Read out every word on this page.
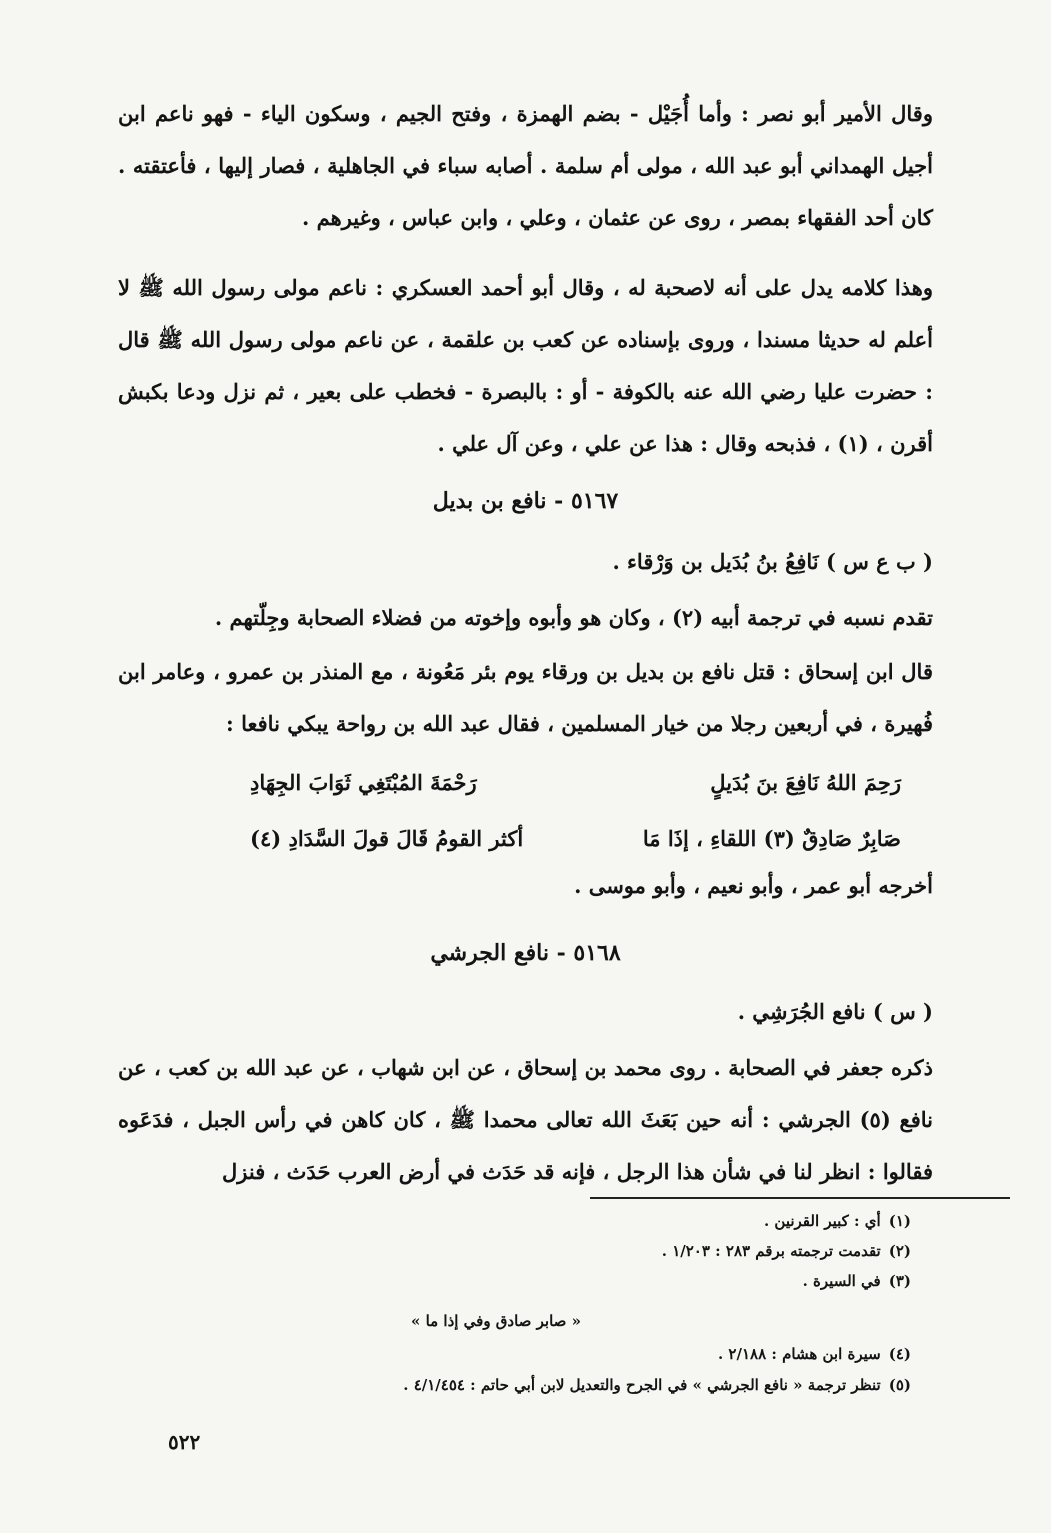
وقال الأمير أبو نصر : وأما أُجَيْل - بضم الهمزة ، وفتح الجيم ، وسكون الياء - فهو ناعم ابن أجيل الهمداني أبو عبد الله ، مولى أم سلمة . أصابه سباء في الجاهلية ، فصار إليها ، فأعتقته . كان أحد الفقهاء بمصر ، روى عن عثمان ، وعلي ، وابن عباس ، وغيرهم .

وهذا كلامه يدل على أنه لاصحبة له ، وقال أبو أحمد العسكري : ناعم مولى رسول الله ﷺ لا أعلم له حديثا مسندا ، وروى بإسناده عن كعب بن علقمة ، عن ناعم مولى رسول الله ﷺ قال : حضرت عليا رضي الله عنه بالكوفة - أو : بالبصرة - فخطب على بعير ، ثم نزل ودعا بكبش أقرن ، (١) ، فذبحه وقال : هذا عن علي ، وعن آل علي .

٥١٦٧ - نافع بن بديل

( ب ع س ) نَافِعُ بنُ بُدَيل بن وَرْقاء .

تقدم نسبه في ترجمة أبيه (٢) ، وكان هو وأبوه وإخوته من فضلاء الصحابة وجِلّتهم .

قال ابن إسحاق : قتل نافع بن بديل بن ورقاء يوم بئر مَعُونة ، مع المنذر بن عمرو ، وعامر ابن فُهيرة ، في أربعين رجلا من خيار المسلمين ، فقال عبد الله بن رواحة يبكي نافعا :

رَحِمَ اللهُ نَافِعَ بنَ بُدَيلٍ
رَحْمَةَ المُبْتَغِي ثَوَابَ الجِهَادِ
صَابِرٌ صَادِقٌ (٣) اللقاءِ ، إذَا مَا
أكثر القومُ قَالَ قولَ السَّدَادِ (٤)

أخرجه أبو عمر ، وأبو نعيم ، وأبو موسى .

٥١٦٨ - نافع الجرشي

( س ) نافع الجُرَشِي .

ذكره جعفر في الصحابة . روى محمد بن إسحاق ، عن ابن شهاب ، عن عبد الله بن كعب ، عن نافع (٥) الجرشي : أنه حين بَعَثَ الله تعالى محمدا ﷺ ، كان كاهن في رأس الجبل ، فدَعَوه فقالوا : انظر لنا في شأن هذا الرجل ، فإنه قد حَدَث في أرض العرب حَدَث ، فنزل

(١)أي : كبير القرنين .
(٢)تقدمت ترجمته برقم ٢٨٣ : ١/٢٠٣ .
(٣)في السيرة .
« صابر صادق وفي إذا ما »
(٤)سيرة ابن هشام : ٢/١٨٨ .
(٥)تنظر ترجمة « نافع الجرشي » في الجرح والتعديل لابن أبي حاتم : ٤/١/٤٥٤ .
٥٢٢
